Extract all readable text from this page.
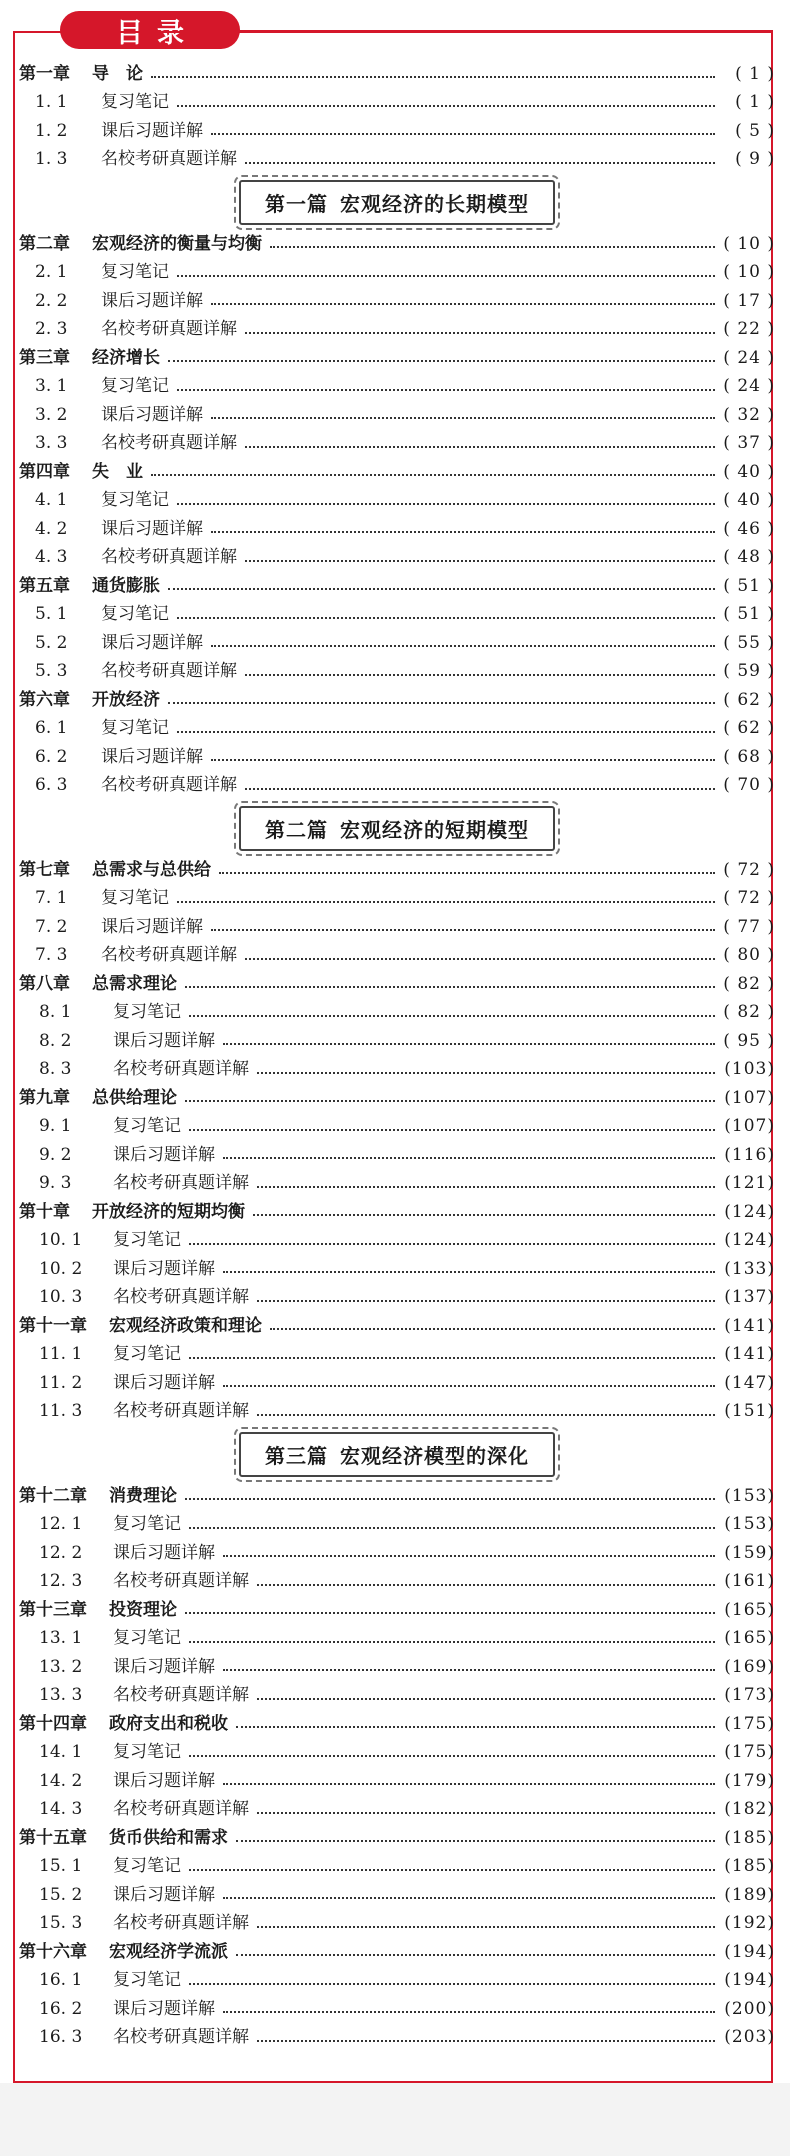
目录
第一章 导　论	( 1 )
1. 1	复习笔记	( 1 )
1. 2	课后习题详解	( 5 )
1. 3	名校考研真题详解	( 9 )
第一篇 宏观经济的长期模型
第二章 宏观经济的衡量与均衡	( 10 )
2. 1	复习笔记	( 10 )
2. 2	课后习题详解	( 17 )
2. 3	名校考研真题详解	( 22 )
第三章 经济增长	( 24 )
3. 1	复习笔记	( 24 )
3. 2	课后习题详解	( 32 )
3. 3	名校考研真题详解	( 37 )
第四章 失　业	( 40 )
4. 1	复习笔记	( 40 )
4. 2	课后习题详解	( 46 )
4. 3	名校考研真题详解	( 48 )
第五章 通货膨胀	( 51 )
5. 1	复习笔记	( 51 )
5. 2	课后习题详解	( 55 )
5. 3	名校考研真题详解	( 59 )
第六章 开放经济	( 62 )
6. 1	复习笔记	( 62 )
6. 2	课后习题详解	( 68 )
6. 3	名校考研真题详解	( 70 )
第二篇 宏观经济的短期模型
第七章 总需求与总供给	( 72 )
7. 1	复习笔记	( 72 )
7. 2	课后习题详解	( 77 )
7. 3	名校考研真题详解	( 80 )
第八章 总需求理论	( 82 )
8. 1	复习笔记	( 82 )
8. 2	课后习题详解	( 95 )
8. 3	名校考研真题详解	(103)
第九章 总供给理论	(107)
9. 1	复习笔记	(107)
9. 2	课后习题详解	(116)
9. 3	名校考研真题详解	(121)
第十章 开放经济的短期均衡	(124)
10. 1	复习笔记	(124)
10. 2	课后习题详解	(133)
10. 3	名校考研真题详解	(137)
第十一章 宏观经济政策和理论	(141)
11. 1	复习笔记	(141)
11. 2	课后习题详解	(147)
11. 3	名校考研真题详解	(151)
第三篇 宏观经济模型的深化
第十二章 消费理论	(153)
12. 1	复习笔记	(153)
12. 2	课后习题详解	(159)
12. 3	名校考研真题详解	(161)
第十三章 投资理论	(165)
13. 1	复习笔记	(165)
13. 2	课后习题详解	(169)
13. 3	名校考研真题详解	(173)
第十四章 政府支出和税收	(175)
14. 1	复习笔记	(175)
14. 2	课后习题详解	(179)
14. 3	名校考研真题详解	(182)
第十五章 货币供给和需求	(185)
15. 1	复习笔记	(185)
15. 2	课后习题详解	(189)
15. 3	名校考研真题详解	(192)
第十六章 宏观经济学流派	(194)
16. 1	复习笔记	(194)
16. 2	课后习题详解	(200)
16. 3	名校考研真题详解	(203)
